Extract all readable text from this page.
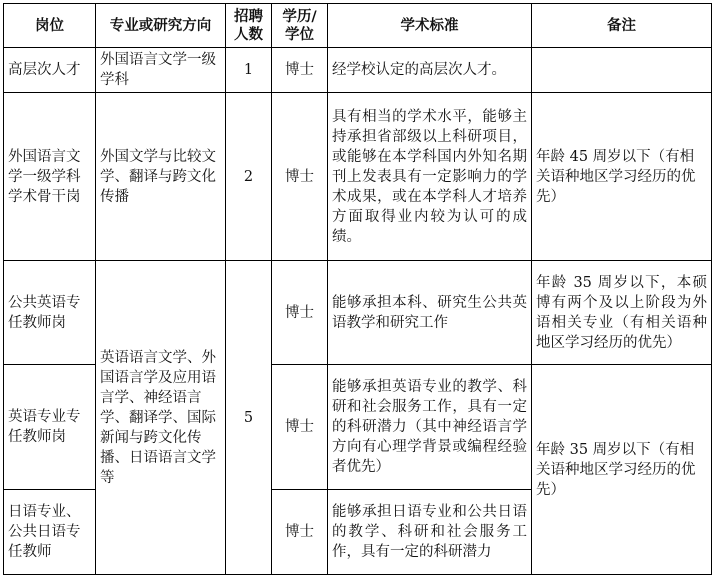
岗位	专业或研究方向	招聘人数	学历/学位	学术标准	备注
高层次人才	外国语言文学一级学科	1	博士	经学校认定的高层次人才。	
外国语言文学一级学科学术骨干岗	外国文学与比较文学、翻译与跨文化传播	2	博士	具有相当的学术水平，能够主持承担省部级以上科研项目，或能够在本学科国内外知名期刊上发表具有一定影响力的学术成果，或在本学科人才培养方面取得业内较为认可的成绩。	年龄 45 周岁以下（有相关语种地区学习经历的优先）
公共英语专任教师岗	英语语言文学、外国语言学及应用语言学、神经语言学、翻译学、国际新闻与跨文化传播、日语语言文学等	5	博士	能够承担本科、研究生公共英语教学和研究工作	年龄 35 周岁以下，本硕博有两个及以上阶段为外语相关专业（有相关语种地区学习经历的优先）
英语专业专任教师岗			博士	能够承担英语专业的教学、科研和社会服务工作，具有一定的科研潜力（其中神经语言学方向有心理学背景或编程经验者优先）	年龄 35 周岁以下（有相关语种地区学习经历的优先）
日语专业、公共日语专任教师			博士	能够承担日语专业和公共日语的教学、科研和社会服务工作，具有一定的科研潜力	
